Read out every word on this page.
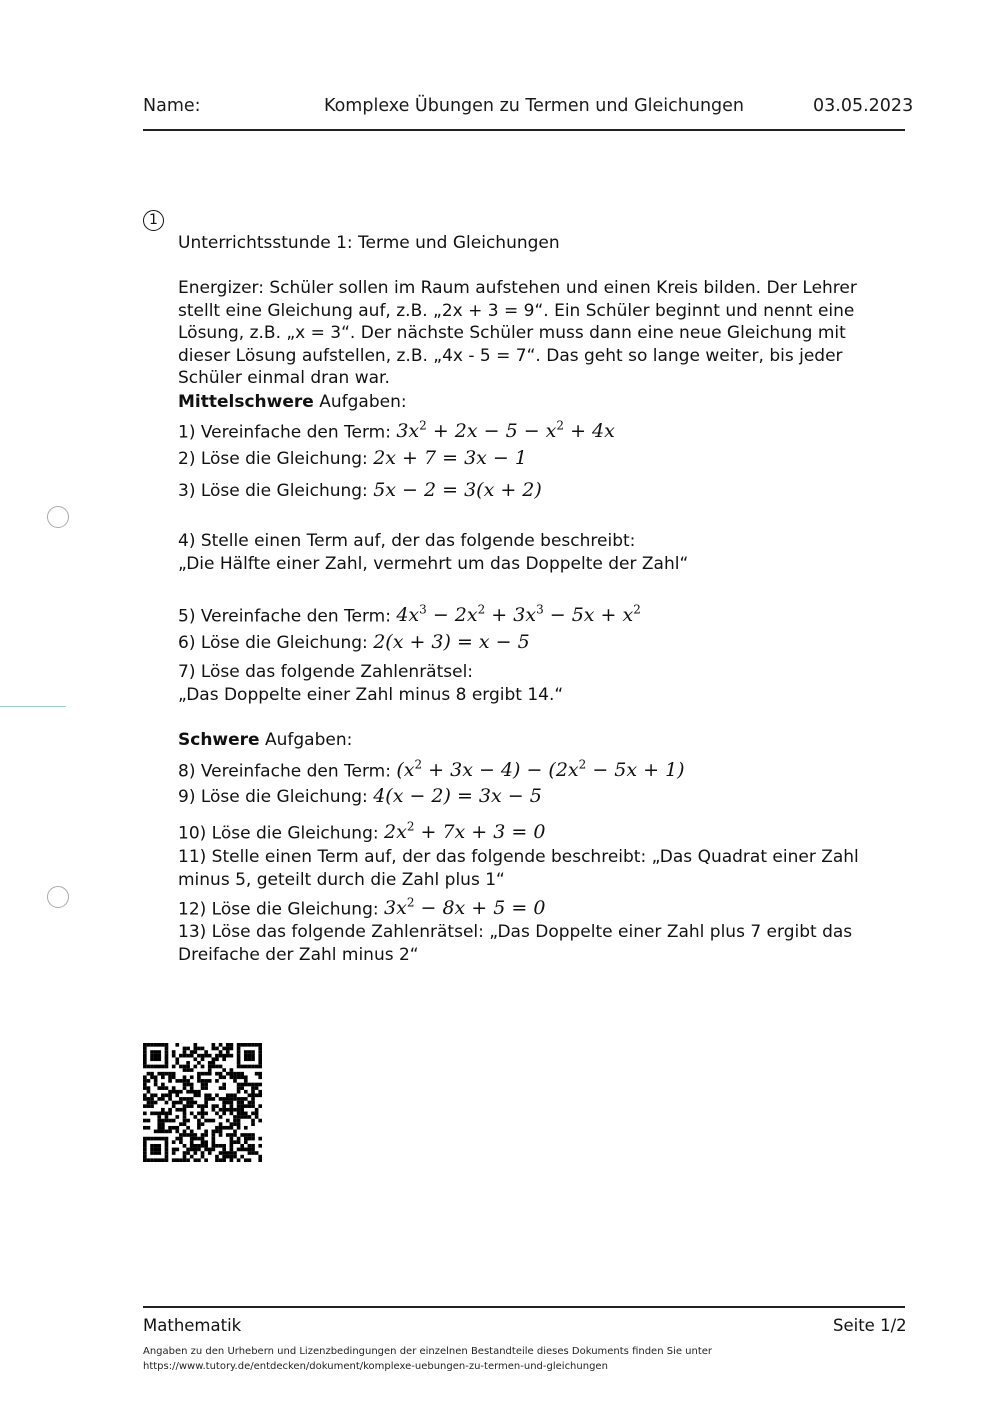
Name:	Komplexe Übungen zu Termen und Gleichungen	03.05.2023
1
Unterrichtsstunde 1: Terme und Gleichungen
Energizer: Schüler sollen im Raum aufstehen und einen Kreis bilden. Der Lehrer stellt eine Gleichung auf, z.B. „2x + 3 = 9“. Ein Schüler beginnt und nennt eine Lösung, z.B. „x = 3“. Der nächste Schüler muss dann eine neue Gleichung mit dieser Lösung aufstellen, z.B. „4x - 5 = 7“. Das geht so lange weiter, bis jeder Schüler einmal dran war.
Mittelschwere Aufgaben:
1) Vereinfache den Term: $3x^2 + 2x - 5 - x^2 + 4x$
2) Löse die Gleichung: 2x + 7 = 3x − 1
3) Löse die Gleichung: 5x − 2 = 3(x + 2)
4) Stelle einen Term auf, der das folgende beschreibt:
„Die Hälfte einer Zahl, vermehrt um das Doppelte der Zahl“
5) Vereinfache den Term: $4x^3 - 2x^2 + 3x^3 - 5x + x^2$
6) Löse die Gleichung: 2(x + 3) = x − 5
7) Löse das folgende Zahlenrätsel:
„Das Doppelte einer Zahl minus 8 ergibt 14.“
Schwere Aufgaben:
8) Vereinfache den Term: $(x^2 + 3x - 4) - (2x^2 - 5x + 1)$
9) Löse die Gleichung: 4(x − 2) = 3x − 5
10) Löse die Gleichung: $2x^2 + 7x + 3 = 0$
11) Stelle einen Term auf, der das folgende beschreibt: „Das Quadrat einer Zahl minus 5, geteilt durch die Zahl plus 1“
12) Löse die Gleichung: $3x^2 - 8x + 5 = 0$
13) Löse das folgende Zahlenrätsel: „Das Doppelte einer Zahl plus 7 ergibt das Dreifache der Zahl minus 2“
Mathematik	Seite 1/2
Angaben zu den Urhebern und Lizenzbedingungen der einzelnen Bestandteile dieses Dokuments finden Sie unter
https://www.tutory.de/entdecken/dokument/komplexe-uebungen-zu-termen-und-gleichungen
